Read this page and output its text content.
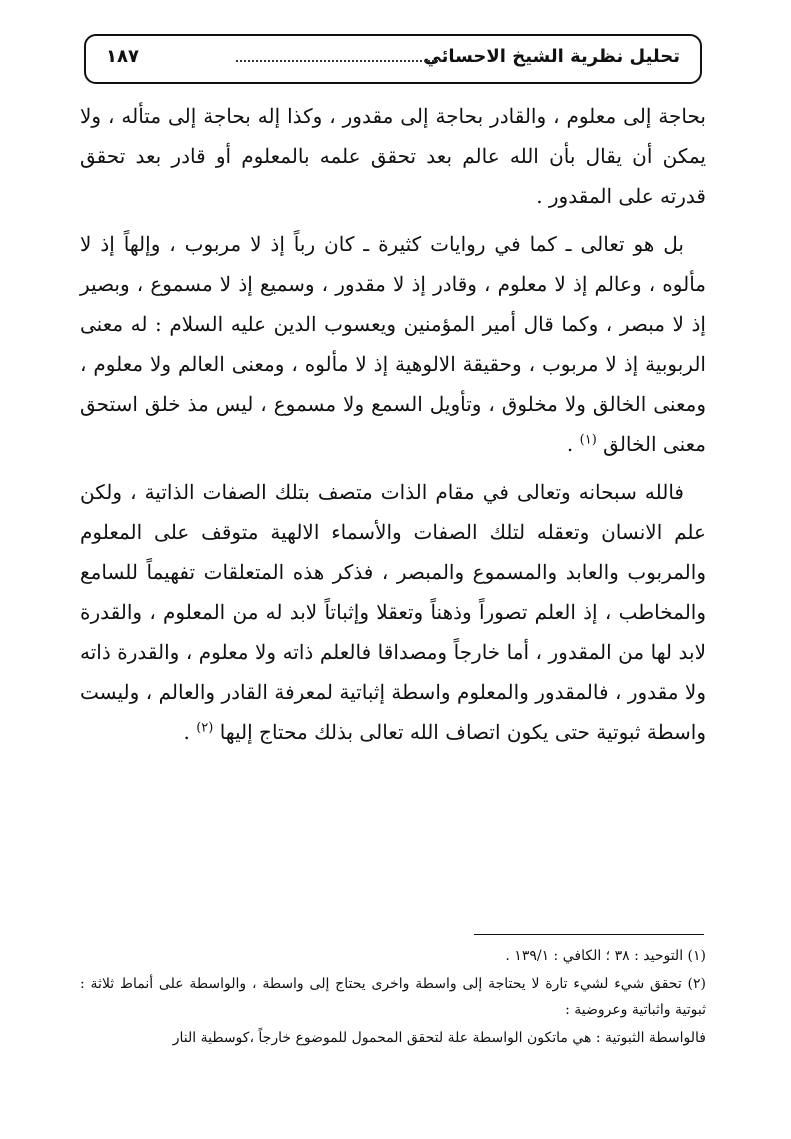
تحليل نظرية الشيخ الاحسائي
١٨٧

بحاجة إلى معلوم ، والقادر بحاجة إلى مقدور ، وكذا إله بحاجة إلى متأله ، ولا يمكن أن يقال بأن الله عالم بعد تحقق علمه بالمعلوم أو قادر بعد تحقق قدرته على المقدور .

بل هو تعالى ـ كما في روايات كثيرة ـ كان رباً إذ لا مربوب ، وإلهاً إذ لا مألوه ، وعالم إذ لا معلوم ، وقادر إذ لا مقدور ، وسميع إذ لا مسموع ، وبصير إذ لا مبصر ، وكما قال أمير المؤمنين ويعسوب الدين عليه السلام : له معنى الربوبية إذ لا مربوب ، وحقيقة الالوهية إذ لا مألوه ، ومعنى العالم ولا معلوم ، ومعنى الخالق ولا مخلوق ، وتأويل السمع ولا مسموع ، ليس مذ خلق استحق معنى الخالق $^{(١)}$ .

فالله سبحانه وتعالى في مقام الذات متصف بتلك الصفات الذاتية ، ولكن علم الانسان وتعقله لتلك الصفات والأسماء الالهية متوقف على المعلوم والمربوب والعابد والمسموع والمبصر ، فذكر هذه المتعلقات تفهيماً للسامع والمخاطب ، إذ العلم تصوراً وذهناً وتعقلا وإثباتاً لابد له من المعلوم ، والقدرة لابد لها من المقدور ، أما خارجاً ومصداقا فالعلم ذاته ولا معلوم ، والقدرة ذاته ولا مقدور ، فالمقدور والمعلوم واسطة إثباتية لمعرفة القادر والعالم ، وليست واسطة ثبوتية حتى يكون اتصاف الله تعالى بذلك محتاج إليها $^{(٢)}$ .

(١) التوحيد : ٣٨ ؛ الكافي : ١٣٩/١ .

(٢) تحقق شيء لشيء تارة لا يحتاجة إلى واسطة واخرى يحتاج إلى واسطة ، والواسطة على أنماط ثلاثة : ثبوتية واثباتية وعروضية :

فالواسطة الثبوتية : هي ماتكون الواسطة علة لتحقق المحمول للموضوع خارجاً ،كوسطية النار
